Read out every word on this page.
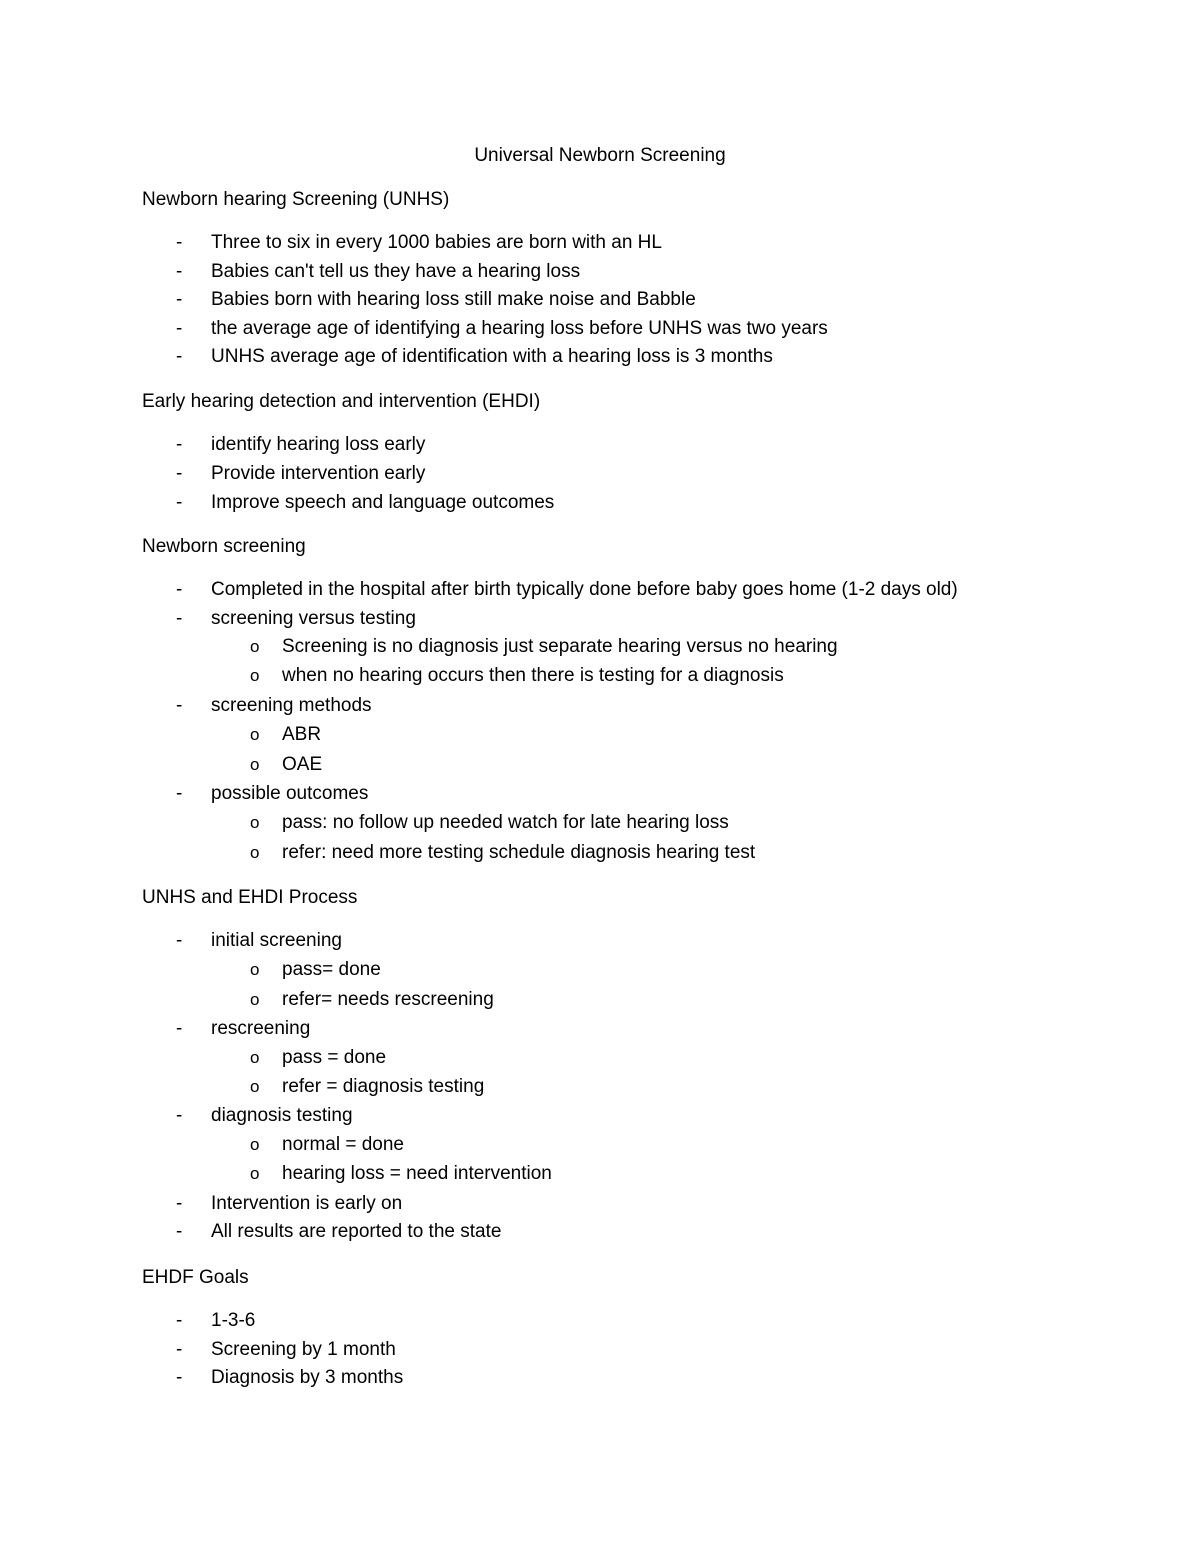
Universal Newborn Screening
Newborn hearing Screening (UNHS)
-	Three to six in every 1000 babies are born with an HL
-	Babies can't tell us they have a hearing loss
-	Babies born with hearing loss still make noise and Babble
-	the average age of identifying a hearing loss before UNHS was two years
-	UNHS average age of identification with a hearing loss is 3 months
Early hearing detection and intervention (EHDI)
-	identify hearing loss early
-	Provide intervention early
-	Improve speech and language outcomes
Newborn screening
-	Completed in the hospital after birth typically done before baby goes home (1-2 days old)
-	screening versus testing
o Screening is no diagnosis just separate hearing versus no hearing
o when no hearing occurs then there is testing for a diagnosis
-	screening methods
o ABR
o OAE
-	possible outcomes
o pass: no follow up needed watch for late hearing loss
o refer: need more testing schedule diagnosis hearing test
UNHS and EHDI Process
-	initial screening
o pass= done
o refer= needs rescreening
-	rescreening
o pass = done
o refer = diagnosis testing
-	diagnosis testing
o normal = done
o hearing loss = need intervention
-	Intervention is early on
-	All results are reported to the state
EHDF Goals
-	1-3-6
-	Screening by 1 month
-	Diagnosis by 3 months
